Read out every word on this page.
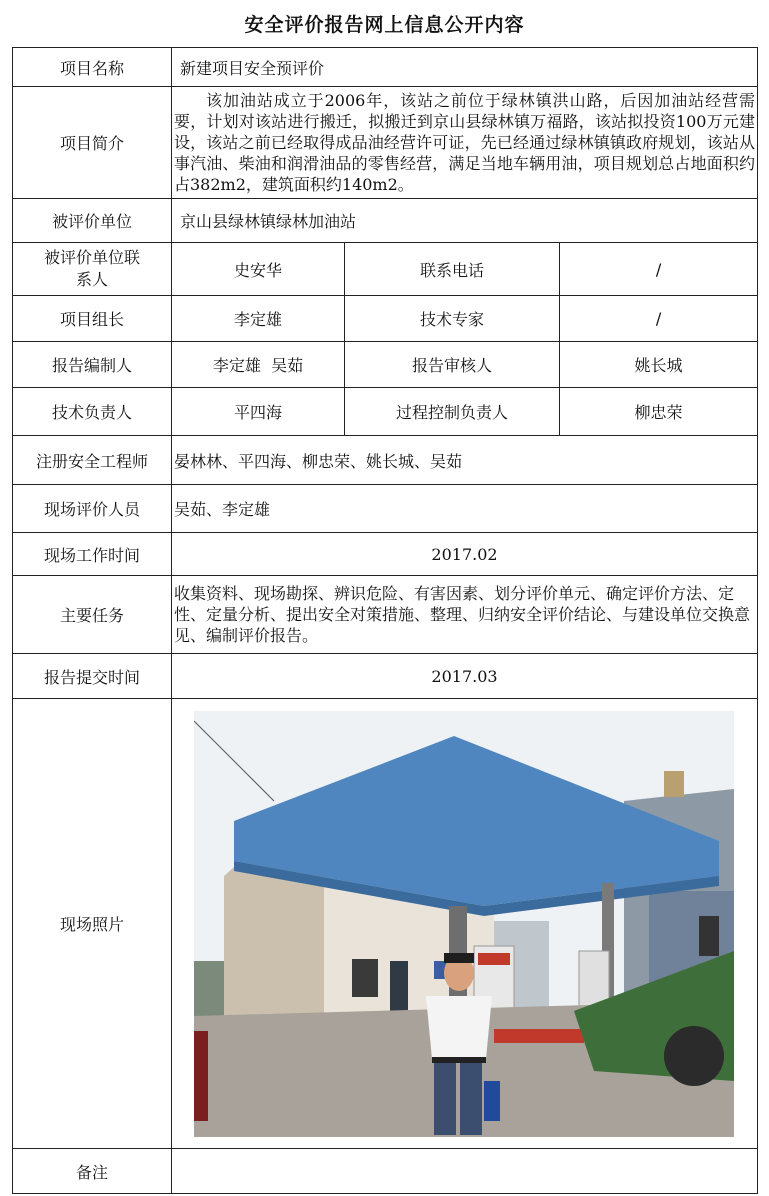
安全评价报告网上信息公开内容
项目名称	新建项目安全预评价		
项目简介	该加油站成立于2006年，该站之前位于绿林镇洪山路，后因加油站经营需要，计划对该站进行搬迁，拟搬迁到京山县绿林镇万福路，该站拟投资100万元建设，该站之前已经取得成品油经营许可证，先已经通过绿林镇镇政府规划，该站从事汽油、柴油和润滑油品的零售经营，满足当地车辆用油，项目规划总占地面积约占382m2，建筑面积约140m2。		
被评价单位	京山县绿林镇绿林加油站		
被评价单位联系人	史安华	联系电话	/
项目组长	李定雄	技术专家	/
报告编制人	李定雄  吴茹	报告审核人	姚长城
技术负责人	平四海	过程控制负责人	柳忠荣
注册安全工程师	晏林林、平四海、柳忠荣、姚长城、吴茹		
现场评价人员	吴茹、李定雄		
现场工作时间	2017.02		
主要任务	收集资料、现场勘探、辨识危险、有害因素、划分评价单元、确定评价方法、定性、定量分析、提出安全对策措施、整理、归纳安全评价结论、与建设单位交换意见、编制评价报告。		
报告提交时间	2017.03		
现场照片	

备注			
